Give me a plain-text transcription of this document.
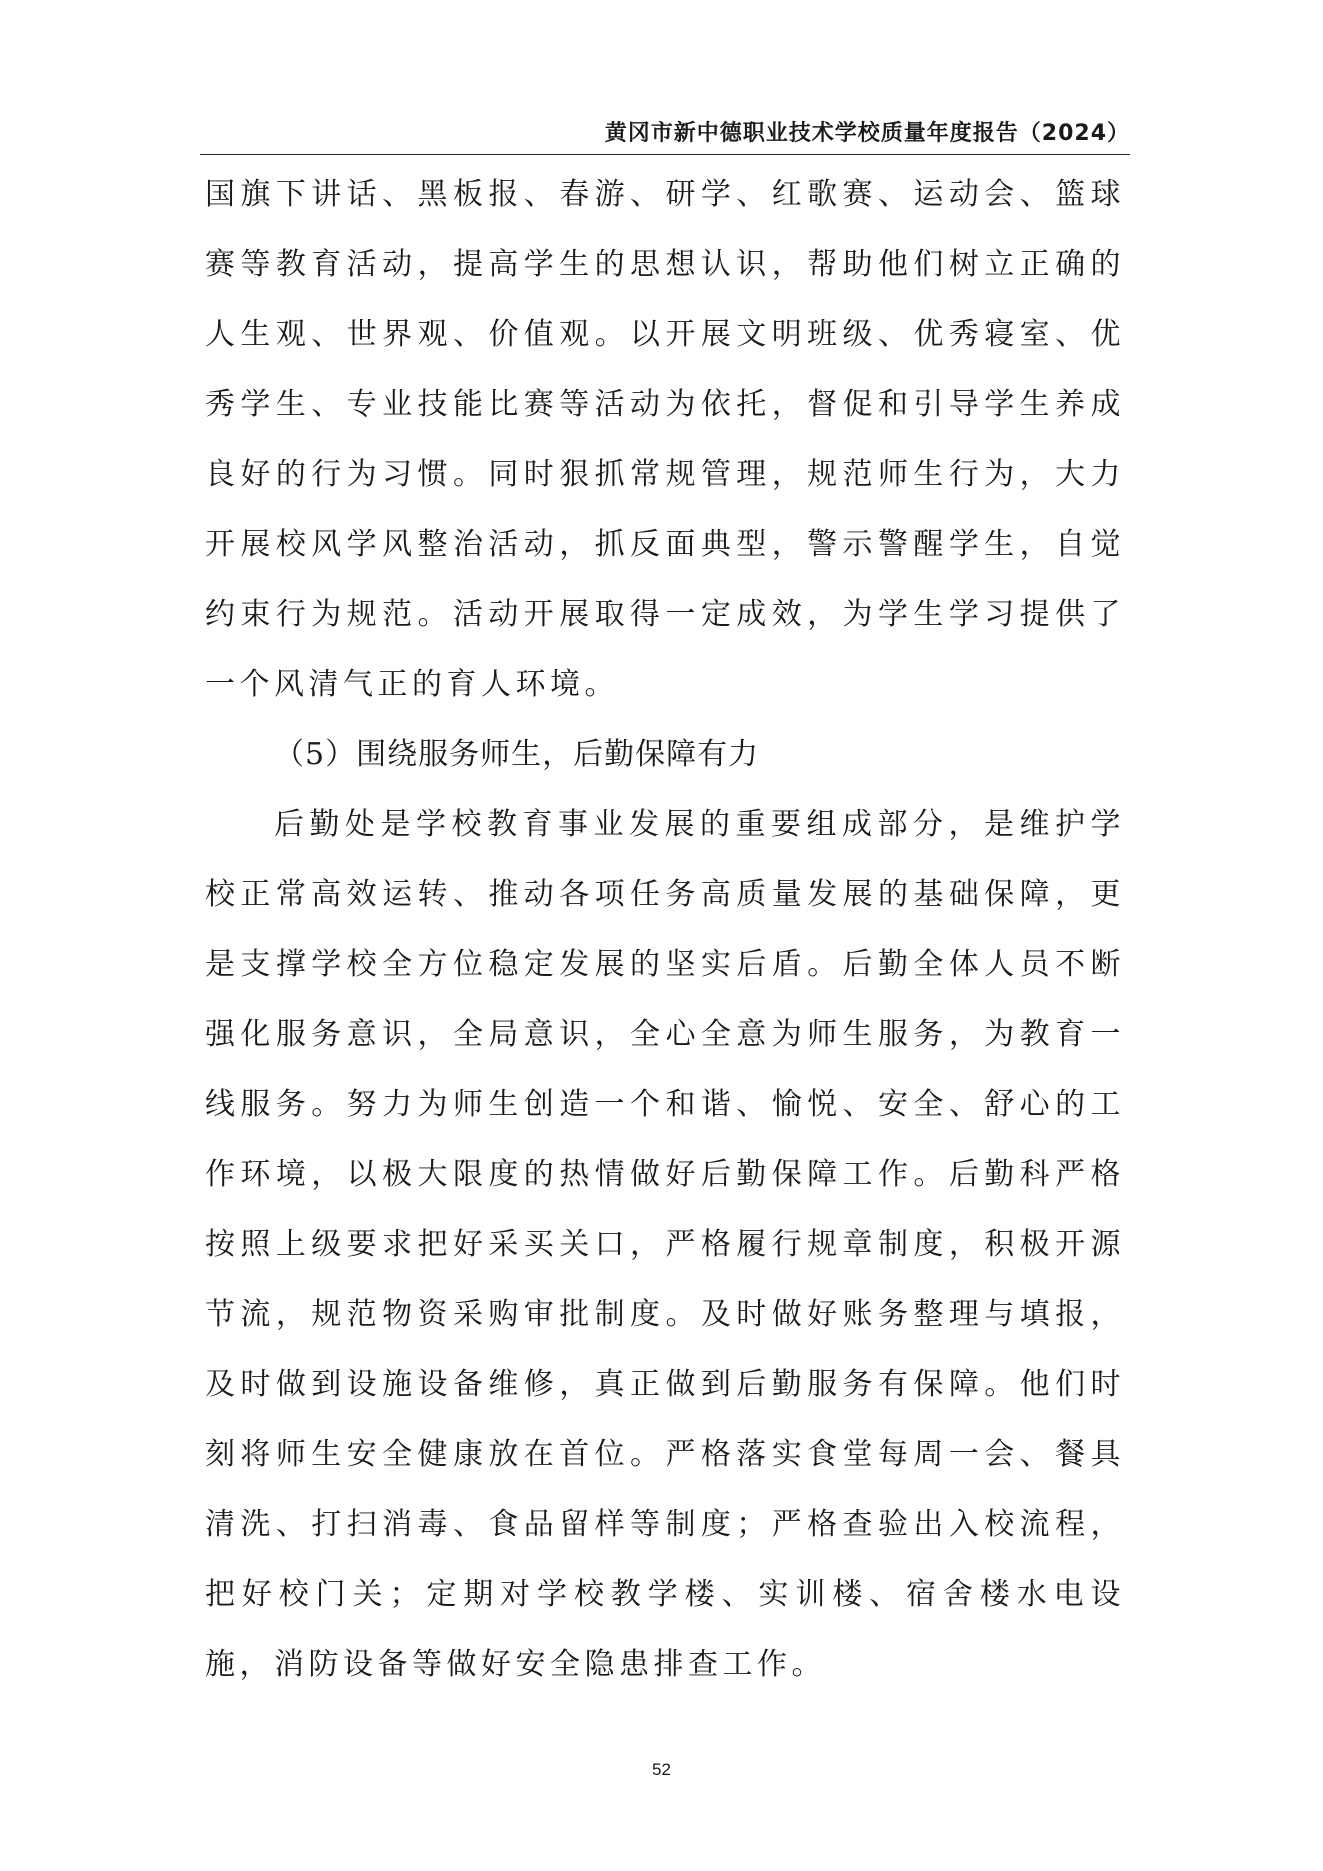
黄冈市新中德职业技术学校质量年度报告（2024）

国旗下讲话、黑板报、春游、研学、红歌赛、运动会、篮球赛等教育活动，提高学生的思想认识，帮助他们树立正确的人生观、世界观、价值观。以开展文明班级、优秀寝室、优秀学生、专业技能比赛等活动为依托，督促和引导学生养成良好的行为习惯。同时狠抓常规管理，规范师生行为，大力开展校风学风整治活动，抓反面典型，警示警醒学生，自觉约束行为规范。活动开展取得一定成效，为学生学习提供了一个风清气正的育人环境。

（5）围绕服务师生，后勤保障有力

后勤处是学校教育事业发展的重要组成部分，是维护学校正常高效运转、推动各项任务高质量发展的基础保障，更是支撑学校全方位稳定发展的坚实后盾。后勤全体人员不断强化服务意识，全局意识，全心全意为师生服务，为教育一线服务。努力为师生创造一个和谐、愉悦、安全、舒心的工作环境，以极大限度的热情做好后勤保障工作。后勤科严格按照上级要求把好采买关口，严格履行规章制度，积极开源节流，规范物资采购审批制度。及时做好账务整理与填报，及时做到设施设备维修，真正做到后勤服务有保障。他们时刻将师生安全健康放在首位。严格落实食堂每周一会、餐具清洗、打扫消毒、食品留样等制度；严格查验出入校流程，把好校门关；定期对学校教学楼、实训楼、宿舍楼水电设施，消防设备等做好安全隐患排查工作。

52
